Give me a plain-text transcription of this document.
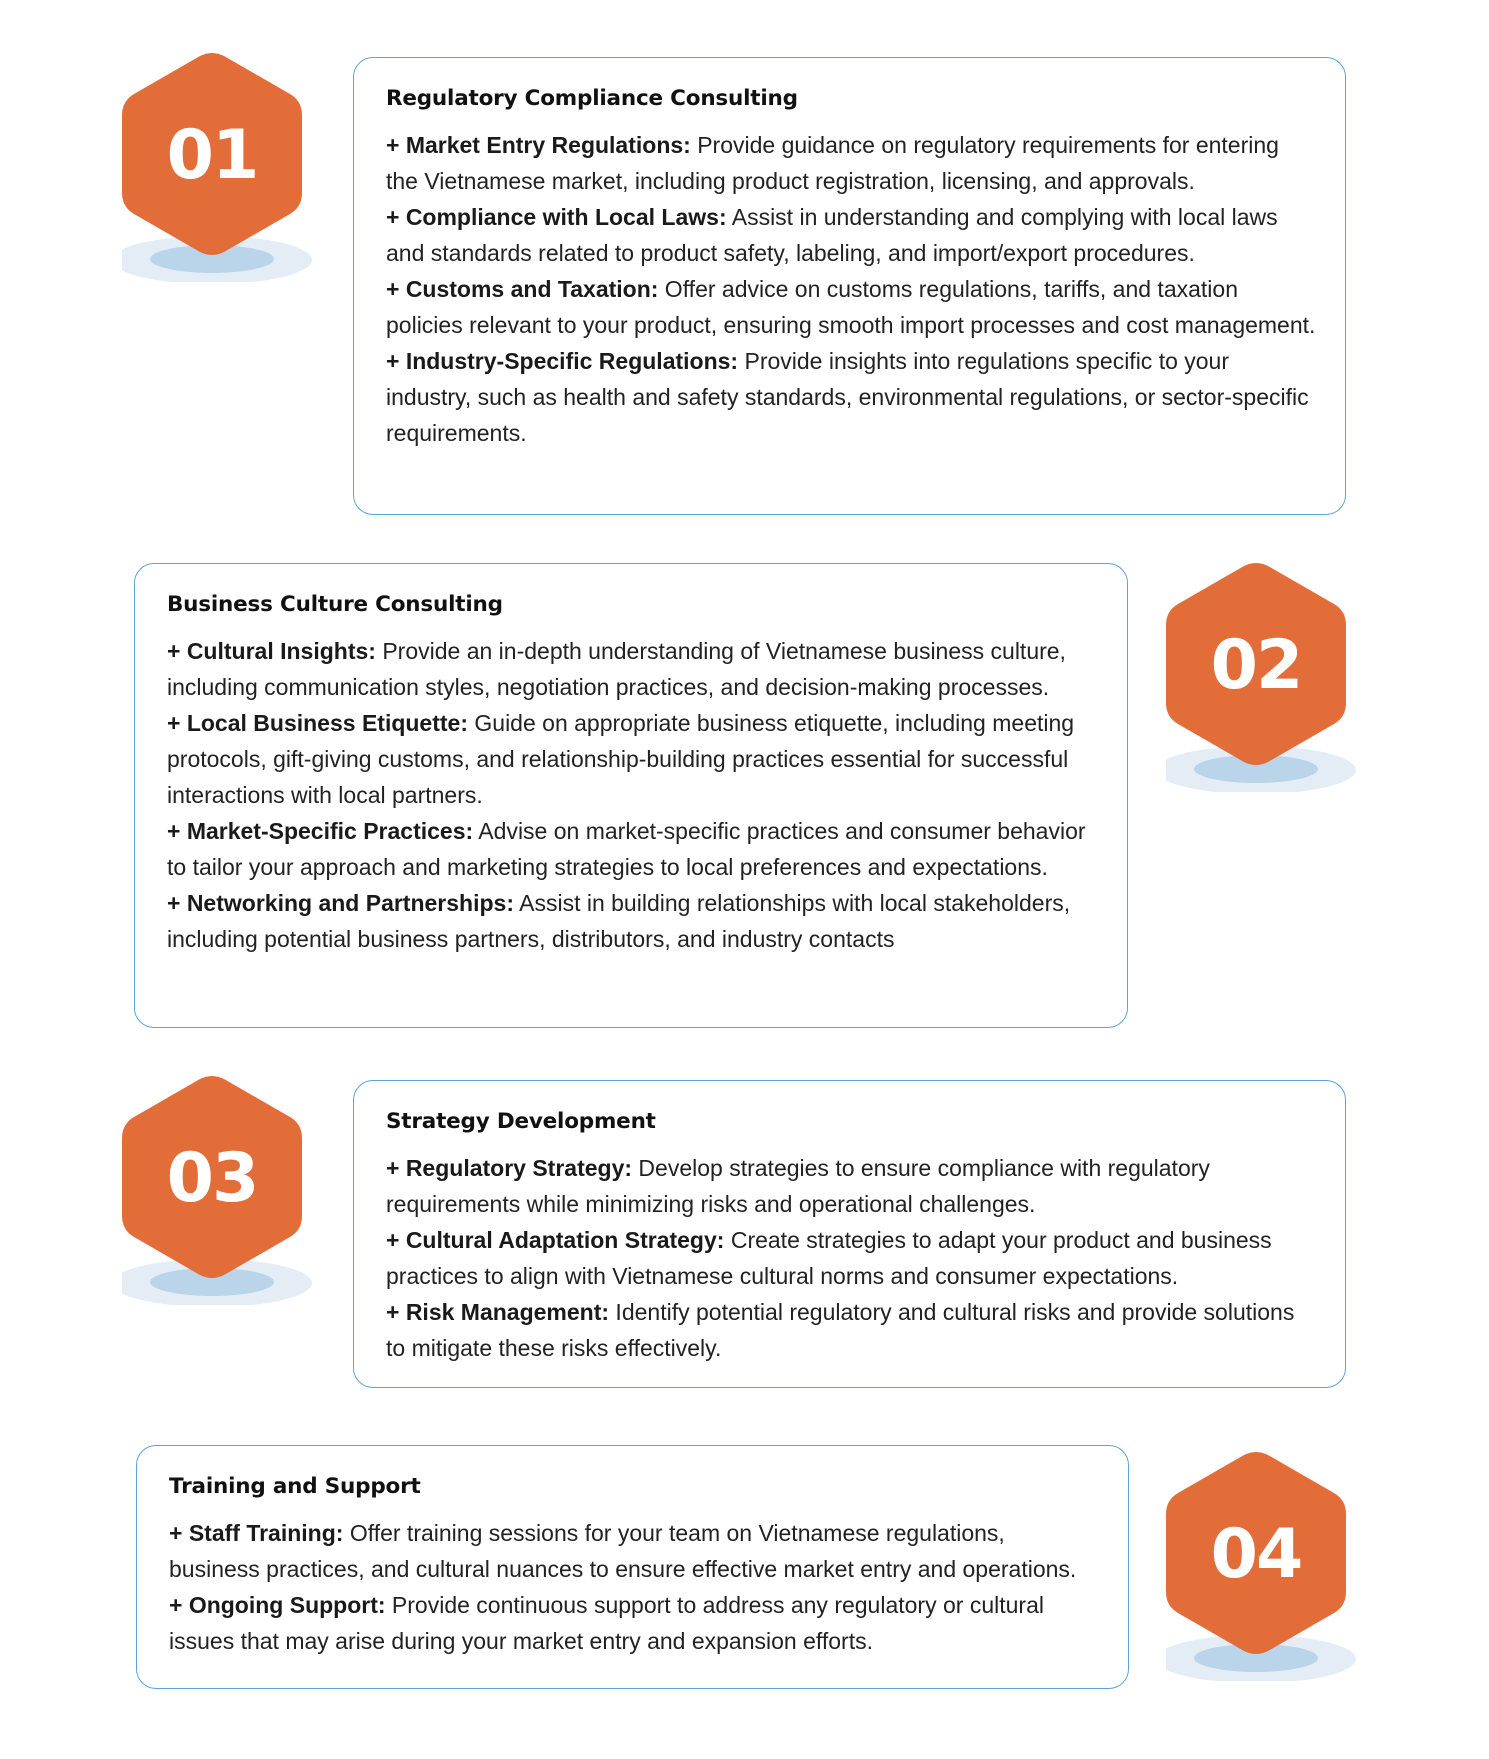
01
Regulatory Compliance Consulting

+ Market Entry Regulations: Provide guidance on regulatory requirements for entering the Vietnamese market, including product registration, licensing, and approvals.

+ Compliance with Local Laws: Assist in understanding and complying with local laws and standards related to product safety, labeling, and import/export procedures.

+ Customs and Taxation: Offer advice on customs regulations, tariffs, and taxation policies relevant to your product, ensuring smooth import processes and cost management.

+ Industry-Specific Regulations: Provide insights into regulations specific to your industry, such as health and safety standards, environmental regulations, or sector-specific requirements.

Business Culture Consulting

+ Cultural Insights: Provide an in-depth understanding of Vietnamese business culture, including communication styles, negotiation practices, and decision-making processes.

+ Local Business Etiquette: Guide on appropriate business etiquette, including meeting protocols, gift-giving customs, and relationship-building practices essential for successful interactions with local partners.

+ Market-Specific Practices: Advise on market-specific practices and consumer behavior to tailor your approach and marketing strategies to local preferences and expectations.

+ Networking and Partnerships: Assist in building relationships with local stakeholders, including potential business partners, distributors, and industry contacts

02
03
Strategy Development

+ Regulatory Strategy: Develop strategies to ensure compliance with regulatory requirements while minimizing risks and operational challenges.

+ Cultural Adaptation Strategy: Create strategies to adapt your product and business practices to align with Vietnamese cultural norms and consumer expectations.

+ Risk Management: Identify potential regulatory and cultural risks and provide solutions to mitigate these risks effectively.

Training and Support

+ Staff Training: Offer training sessions for your team on Vietnamese regulations, business practices, and cultural nuances to ensure effective market entry and operations.

+ Ongoing Support: Provide continuous support to address any regulatory or cultural issues that may arise during your market entry and expansion efforts.

04
